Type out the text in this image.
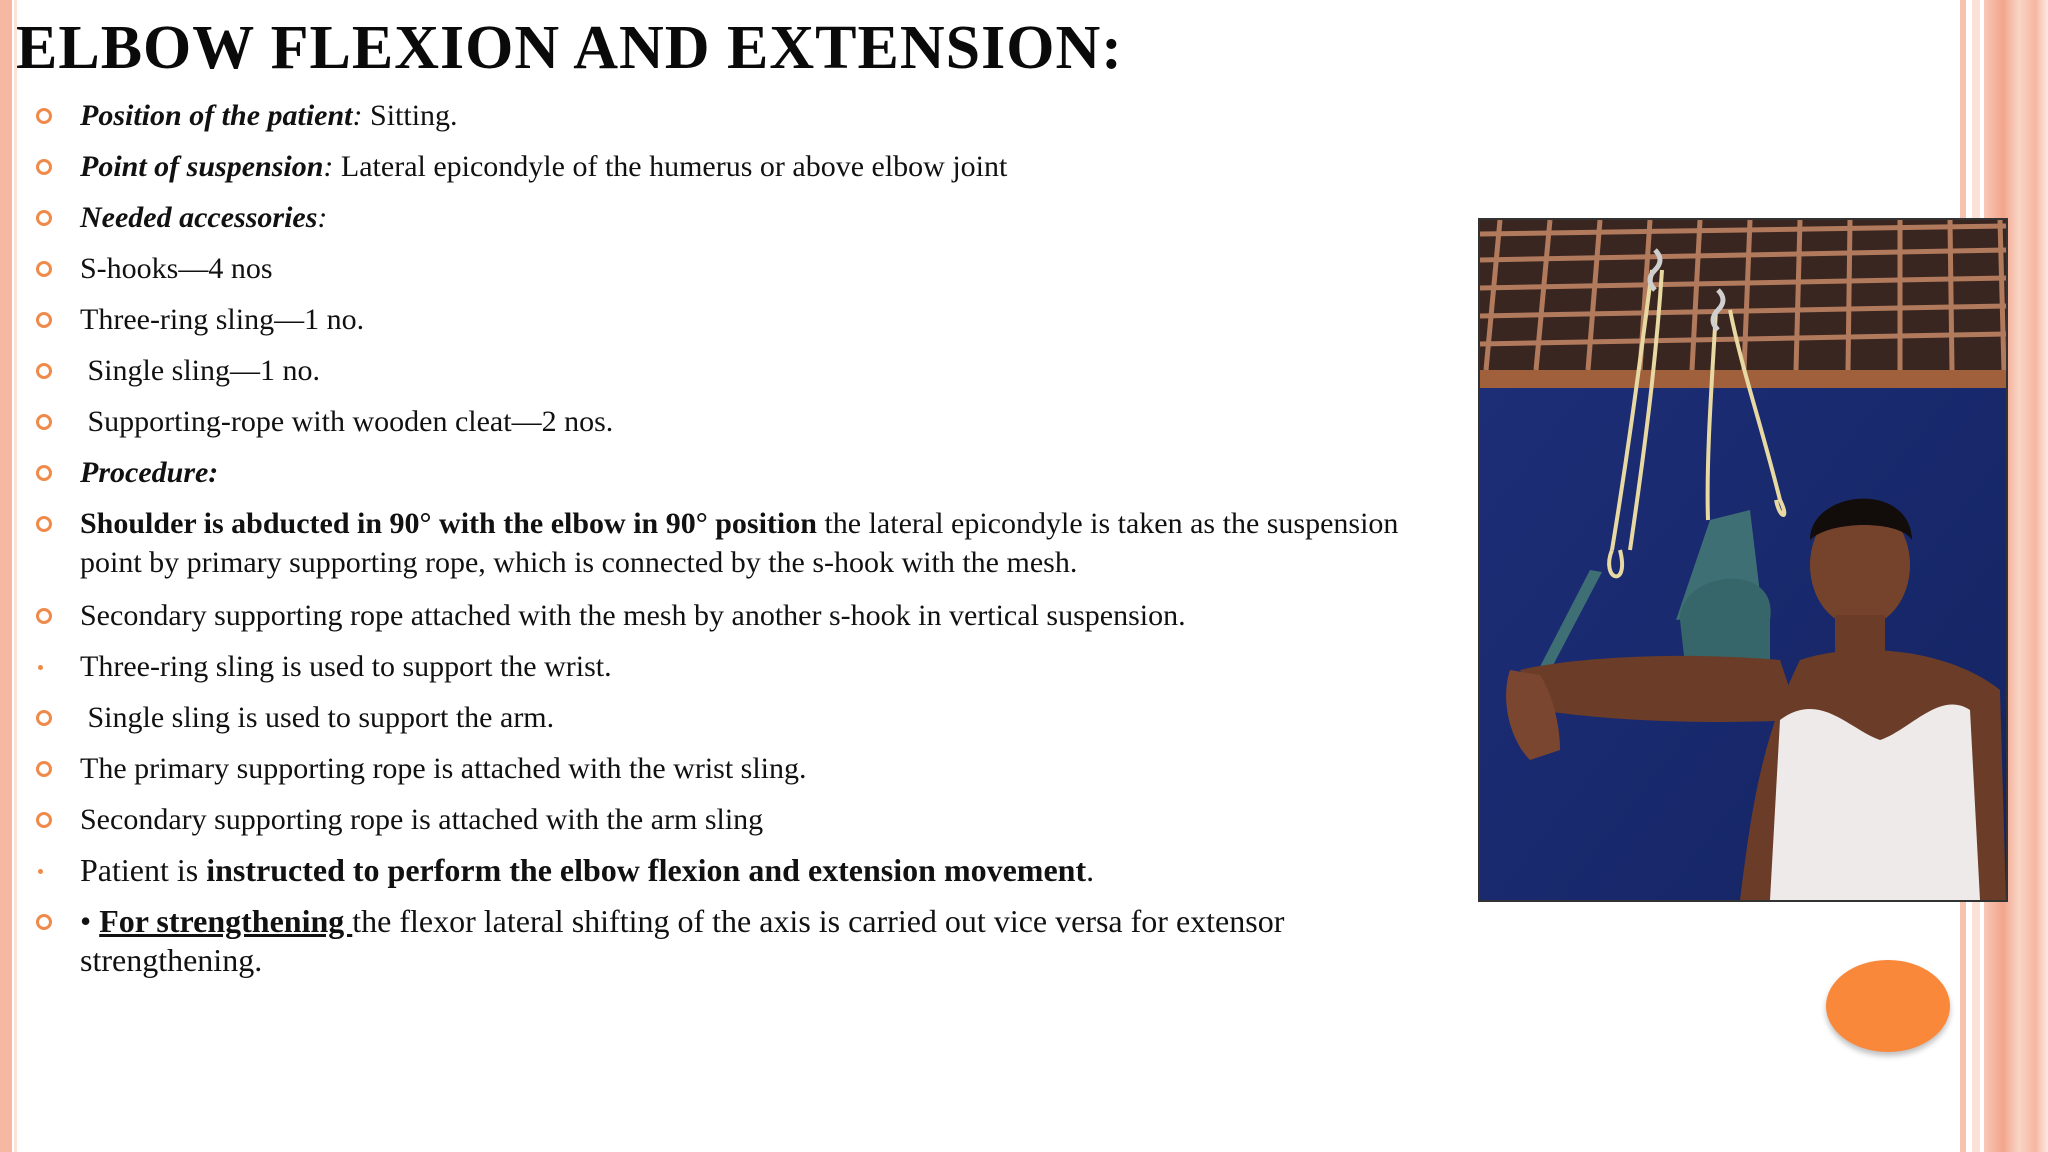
ELBOW FLEXION AND EXTENSION:
Position of the patient: Sitting.
Point of suspension: Lateral epicondyle of the humerus or above elbow joint
Needed accessories:
S-hooks—4 nos
Three-ring sling—1 no.
Single sling—1 no.
Supporting-rope with wooden cleat—2 nos.
Procedure:
Shoulder is abducted in 90° with the elbow in 90° position the lateral epicondyle is taken as the suspension point by primary supporting rope, which is connected by the s-hook with the mesh.
Secondary supporting rope attached with the mesh by another s-hook in vertical suspension.
Three-ring sling is used to support the wrist.
Single sling is used to support the arm.
The primary supporting rope is attached with the wrist sling.
Secondary supporting rope is attached with the arm sling
Patient is instructed to perform the elbow flexion and extension movement.
• For strengthening the flexor lateral shifting of the axis is carried out vice versa for extensor strengthening.
